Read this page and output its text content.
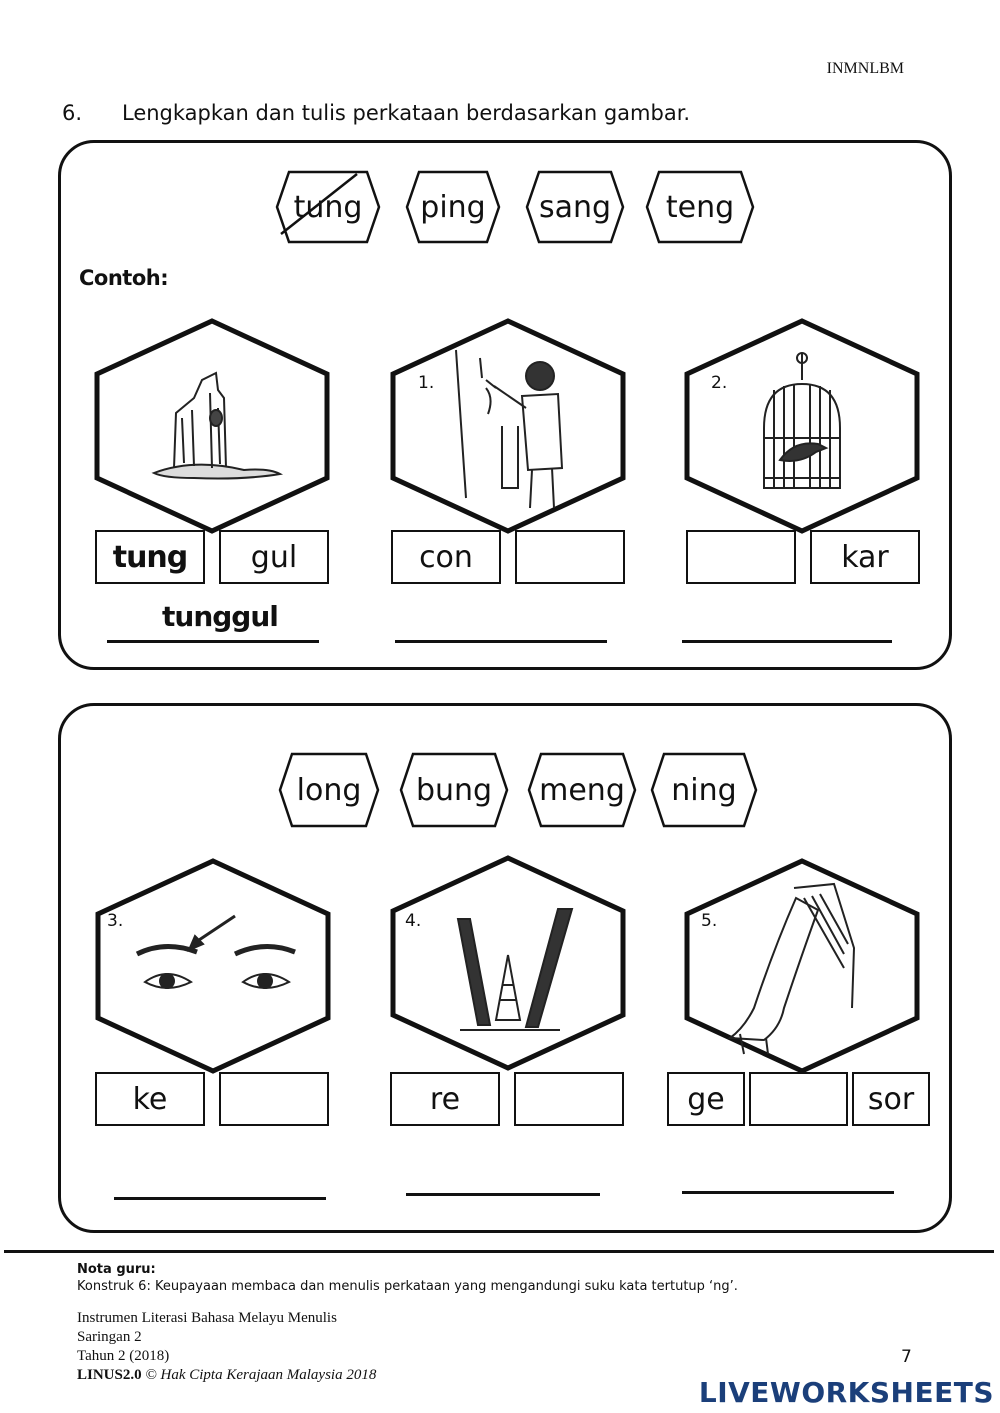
INMNLBM
6. Lengkapkan dan tulis perkataan berdasarkan gambar.
tung	ping	sang	teng
Contoh:
tung	gul
tunggul
1.
con
2.
kar
long	bung	meng	ning
3.
ke
4.
re
5.
ge	sor
Nota guru:
Konstruk 6: Keupayaan membaca dan menulis perkataan yang mengandungi suku kata tertutup ‘ng’.
Instrumen Literasi Bahasa Melayu Menulis
Saringan 2
Tahun 2 (2018)
LINUS2.0 © Hak Cipta Kerajaan Malaysia 2018
7
LIVEWORKSHEETS
